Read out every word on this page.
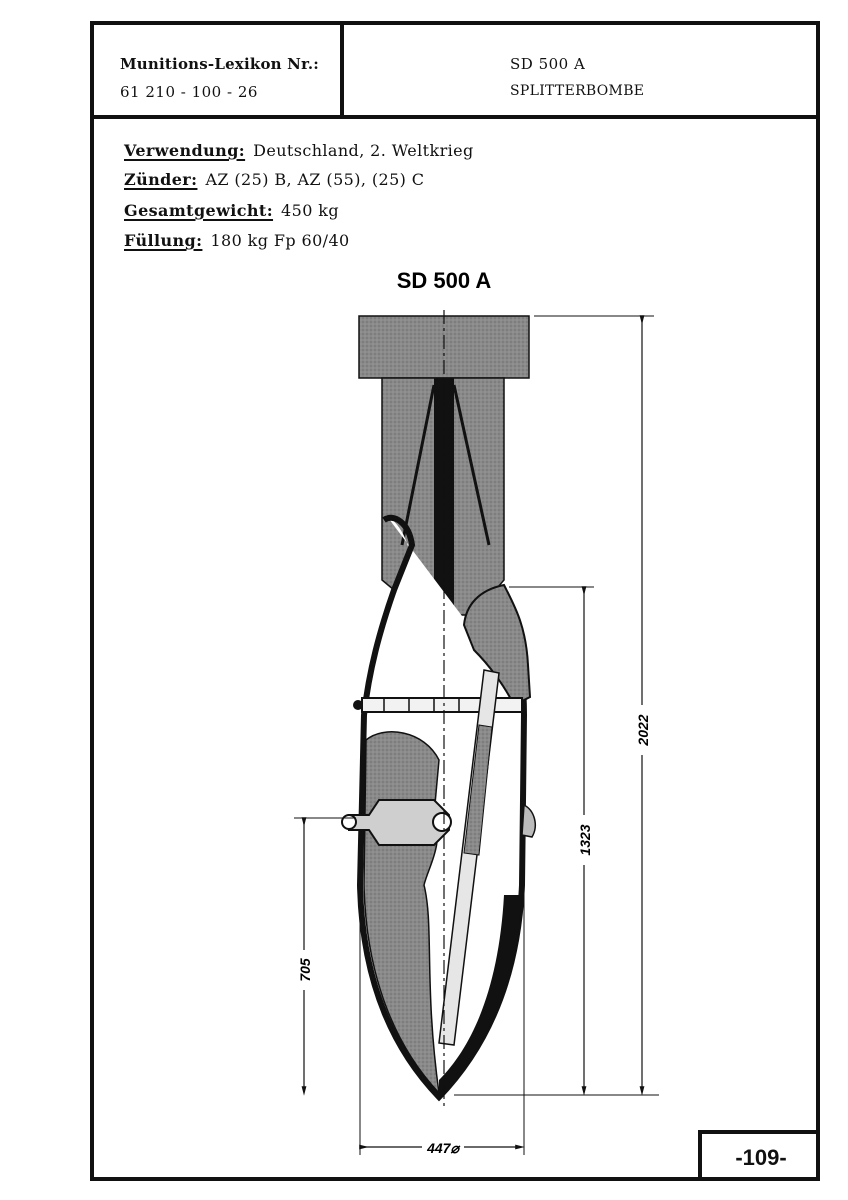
Munitions-Lexikon Nr.:
61 210 - 100 - 26
SD 500 A
SPLITTERBOMBE
Verwendung: Deutschland, 2. Weltkrieg
Zünder: AZ (25) B, AZ (55), (25) C
Gesamtgewicht: 450 kg
Füllung: 180 kg Fp 60/40
SD 500 A
2022
1323
705
447⌀	-109-
